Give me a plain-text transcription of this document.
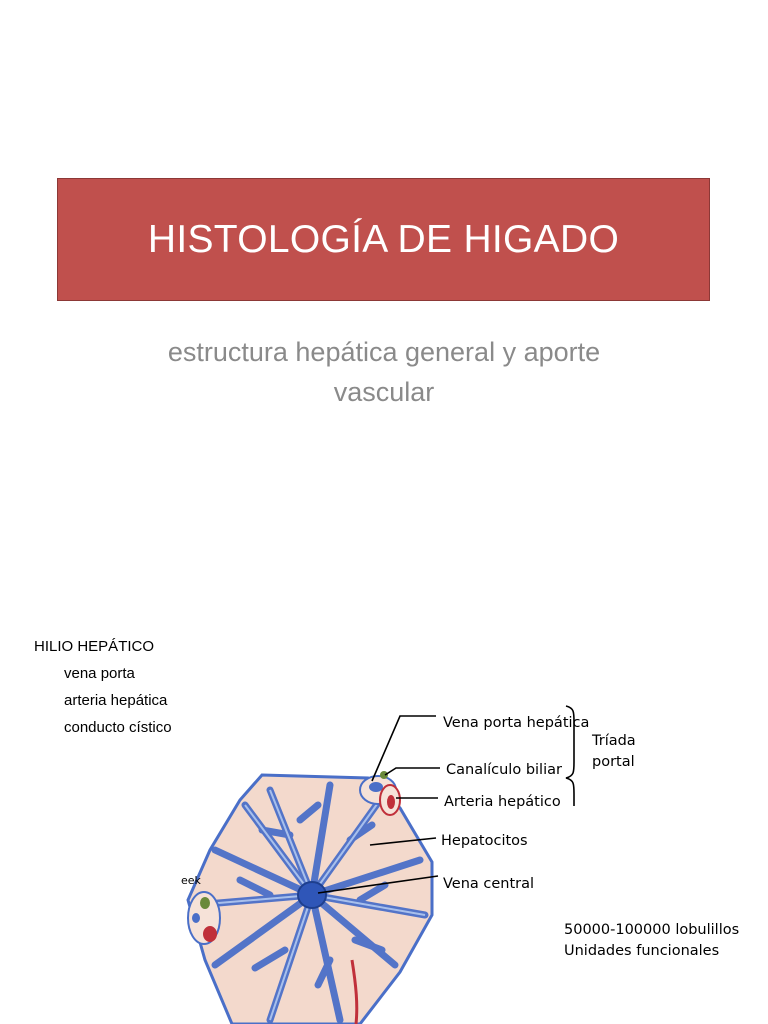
HISTOLOGÍA DE HIGADO
estructura hepática general y aporte
vascular
HILIO HEPÁTICO
vena porta
arteria hepática
conducto cístico	Vena porta hepática
Canalículo biliar
Arteria hepático
Hepatocitos
Vena central
Tríada
portal
eek
50000-100000 lobulillos
Unidades funcionales
